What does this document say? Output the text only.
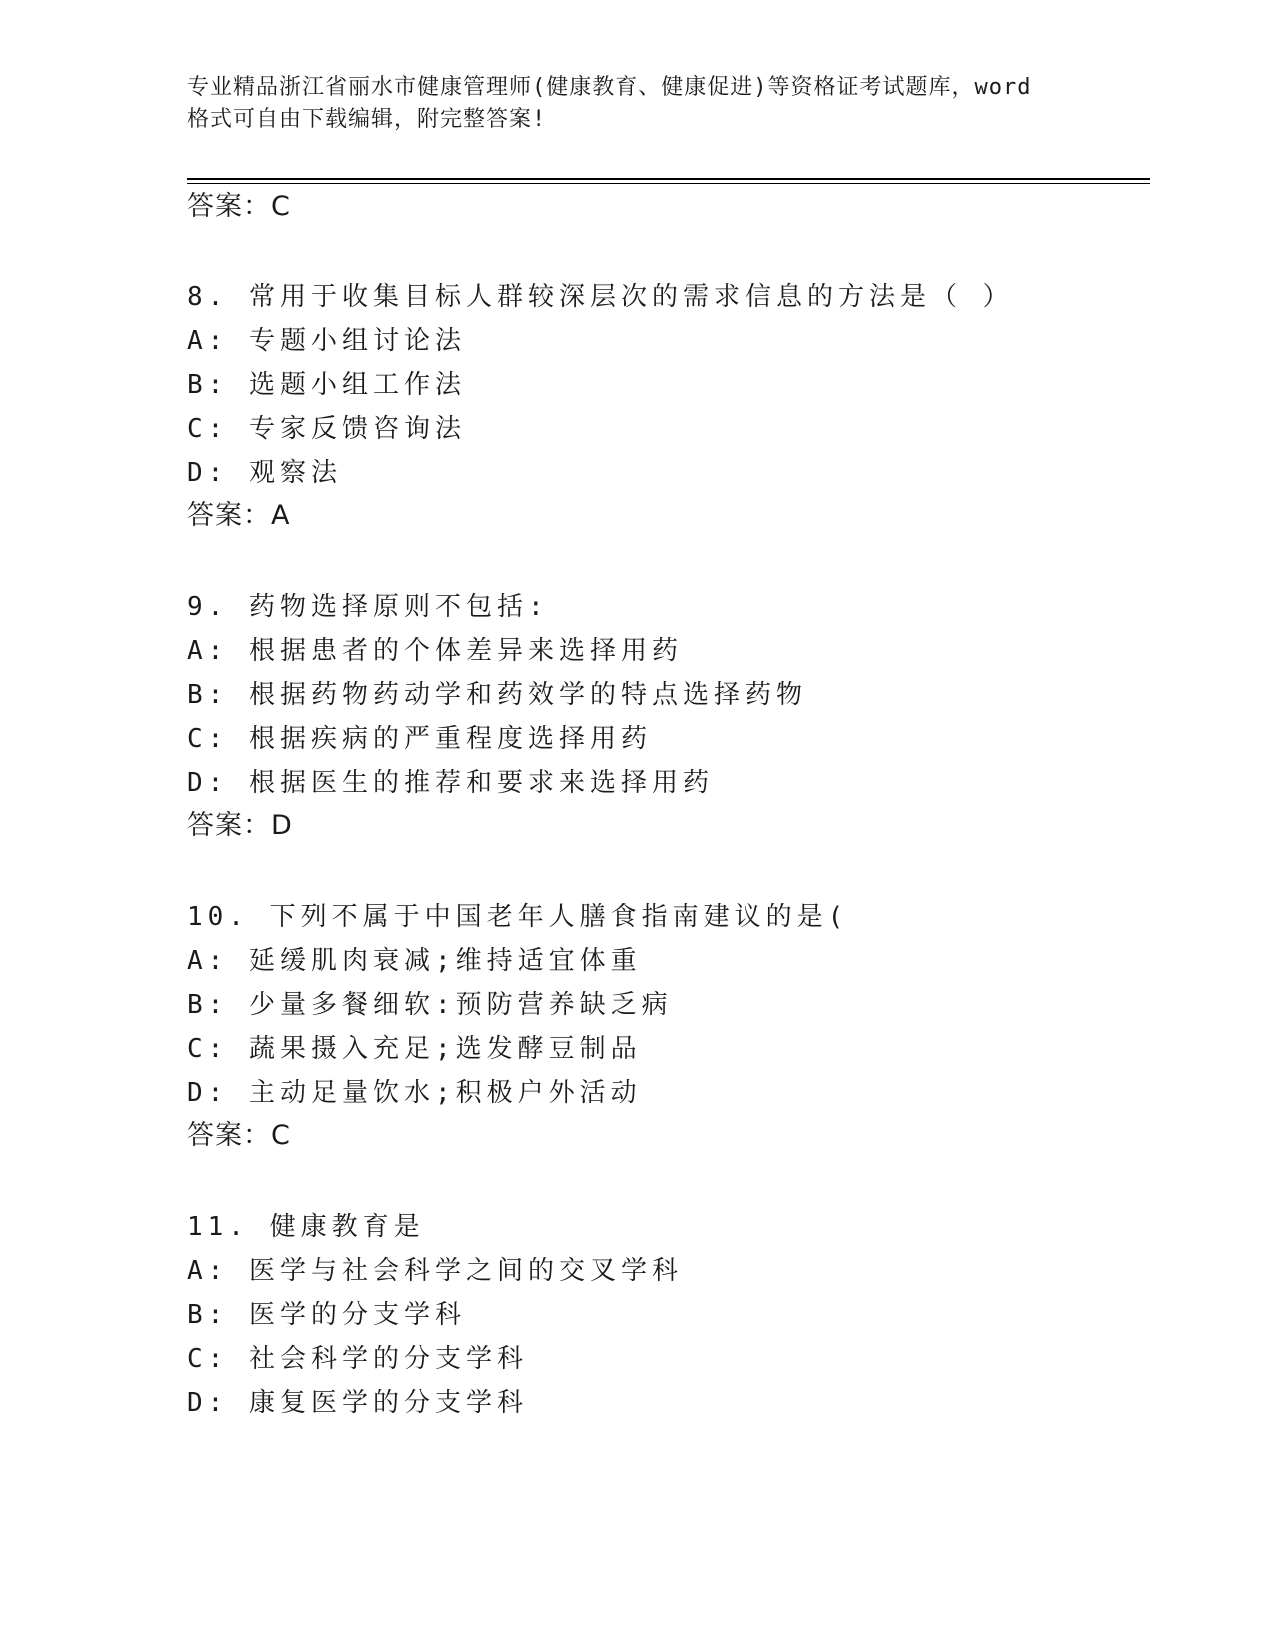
专业精品浙江省丽水市健康管理师(健康教育、健康促进)等资格证考试题库，word
格式可自由下载编辑，附完整答案!
答案：C
8. 常用于收集目标人群较深层次的需求信息的方法是（ ）
A: 专题小组讨论法
B: 选题小组工作法
C: 专家反馈咨询法
D: 观察法
答案：A
9. 药物选择原则不包括:
A: 根据患者的个体差异来选择用药
B: 根据药物药动学和药效学的特点选择药物
C: 根据疾病的严重程度选择用药
D: 根据医生的推荐和要求来选择用药
答案：D
10. 下列不属于中国老年人膳食指南建议的是(
A: 延缓肌肉衰减;维持适宜体重
B: 少量多餐细软:预防营养缺乏病
C: 蔬果摄入充足;选发酵豆制品
D: 主动足量饮水;积极户外活动
答案：C
11. 健康教育是
A: 医学与社会科学之间的交叉学科
B: 医学的分支学科
C: 社会科学的分支学科
D: 康复医学的分支学科
